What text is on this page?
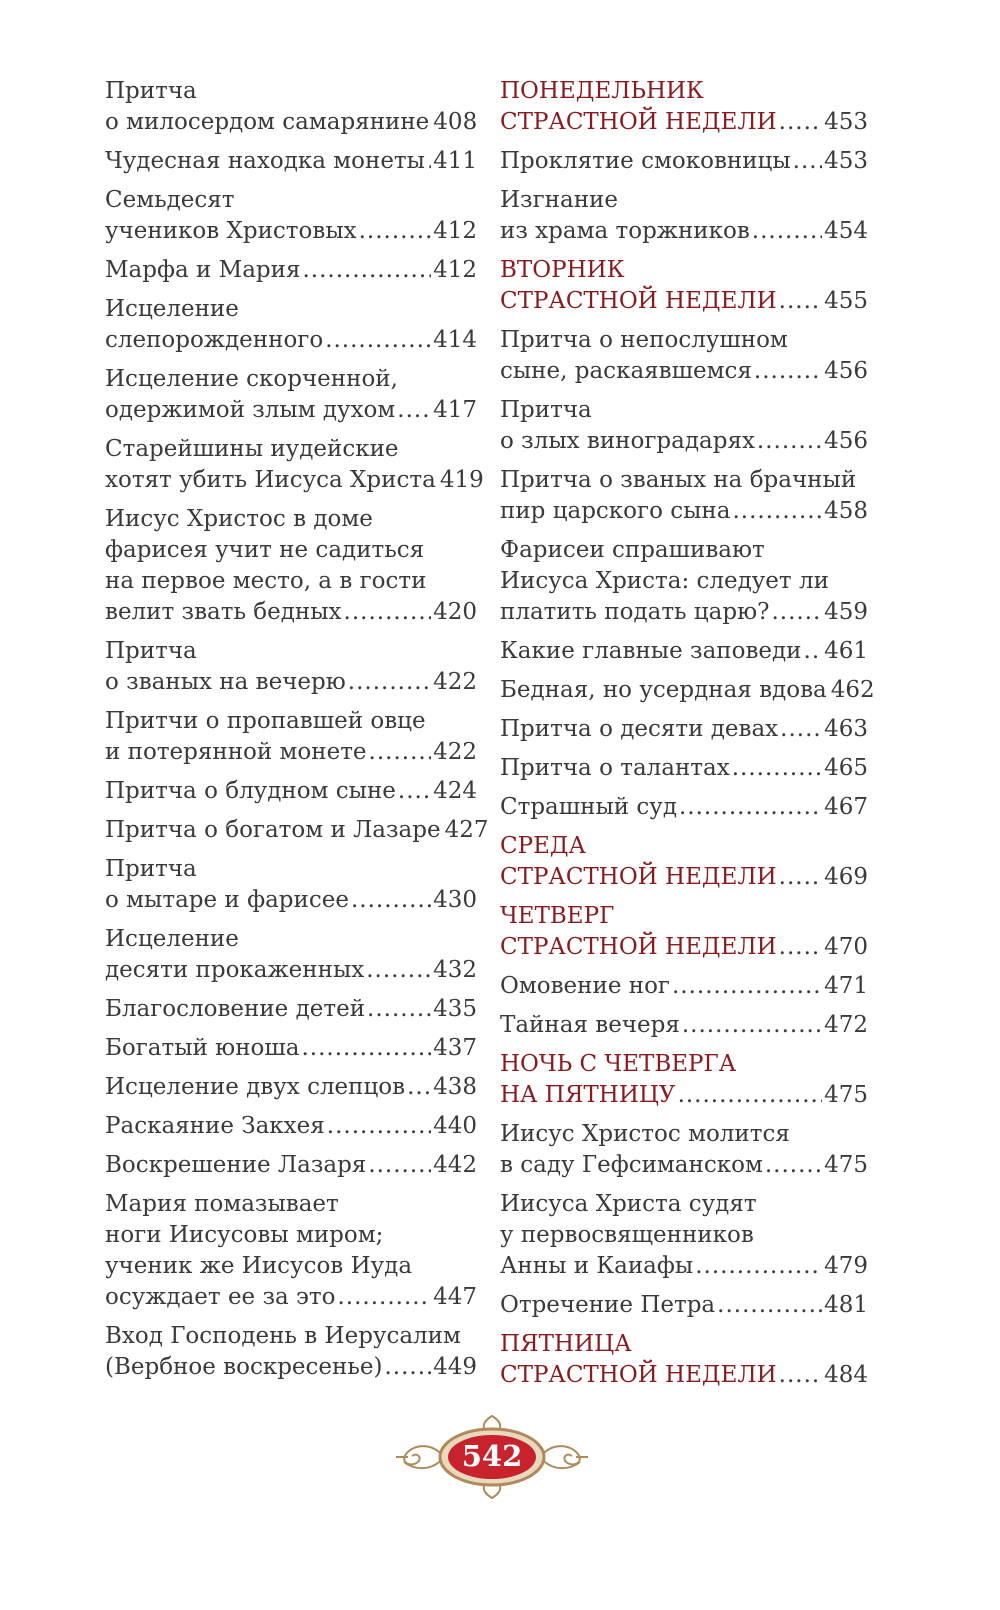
Притча
о милосердом самарянине 408
Чудесная находка монеты ..... 411
Семьдесят
учеников Христовых .....	412
Марфа и Мария .....	412
Исцеление
слепорожденного .....	414
Исцеление скорченной,
одержимой злым духом ..... 417
Старейшины иудейские
хотят убить Иисуса Христа 419
Иисус Христос в доме
фарисея учит не садиться
на первое место, а в гости
велит звать бедных .....	420
Притча
о званых на вечерю .....	422
Притчи о пропавшей овце
и потерянной монете .....	422
Притча о блудном сыне ..... 424
Притча о богатом и Лазаре 427
Притча
о мытаре и фарисее .....	430
Исцеление
десяти прокаженных .....	432
Благословение детей .....	435
Богатый юноша .....	437
Исцеление двух слепцов ..... 438
Раскаяние Закхея .....	440
Воскрешение Лазаря .....	442
Мария помазывает
ноги Иисусовы миром;
ученик же Иисусов Иуда
осуждает ее за это .....	447
Вход Господень в Иерусалим
(Вербное воскресенье) ..... 449
ПОНЕДЕЛЬНИК
СТРАСТНОЙ НЕДЕЛИ ..... 453
Проклятие смоковницы ..... 453
Изгнание
из храма торжников .....	454
ВТОРНИК
СТРАСТНОЙ НЕДЕЛИ ..... 455
Притча о непослушном
сыне, раскаявшемся .....	456
Притча
о злых виноградарях .....	456
Притча о званых на брачный
пир царского сына .....	458
Фарисеи спрашивают
Иисуса Христа: следует ли
платить подать царю? ..... 459
Какие главные заповеди ..... 461
Бедная, но усердная вдова 462
Притча о десяти девах ..... 463
Притча о талантах .....	465
Страшный суд .....	467
СРЕДА
СТРАСТНОЙ НЕДЕЛИ ..... 469
ЧЕТВЕРГ
СТРАСТНОЙ НЕДЕЛИ ..... 470
Омовение ног .....	471
Тайная вечеря .....	472
НОЧЬ С ЧЕТВЕРГА
НА ПЯТНИЦУ .....	475
Иисус Христос молится
в саду Гефсиманском .....	475
Иисуса Христа судят
у первосвященников
Анны и Каиафы .....	479
Отречение Петра .....	481
ПЯТНИЦА
СТРАСТНОЙ НЕДЕЛИ ..... 484
542
